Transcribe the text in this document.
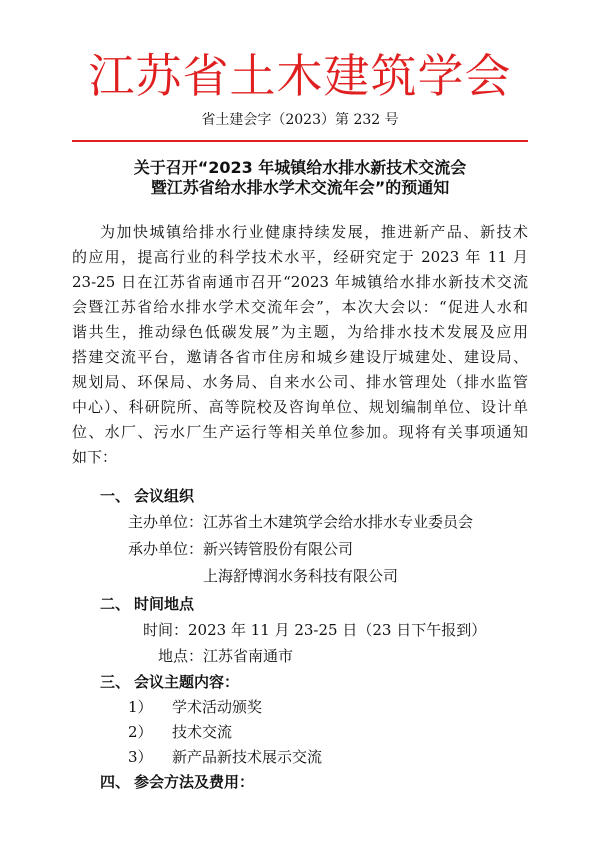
江苏省土木建筑学会
省土建会字（2023）第 232 号
关于召开“2023 年城镇给水排水新技术交流会
暨江苏省给水排水学术交流年会”的预通知
为加快城镇给排水行业健康持续发展，推进新产品、新技术
的应用，提高行业的科学技术水平，经研究定于 2023 年 11 月
23-25 日在江苏省南通市召开“2023 年城镇给水排水新技术交流
会暨江苏省给水排水学术交流年会”，本次大会以：“促进人水和
谐共生，推动绿色低碳发展”为主题，为给排水技术发展及应用
搭建交流平台，邀请各省市住房和城乡建设厅城建处、建设局、
规划局、环保局、水务局、自来水公司、排水管理处（排水监管
中心）、科研院所、高等院校及咨询单位、规划编制单位、设计单
位、水厂、污水厂生产运行等相关单位参加。现将有关事项通知
如下：
一、 会议组织
主办单位：江苏省土木建筑学会给水排水专业委员会
承办单位：新兴铸管股份有限公司
上海舒博润水务科技有限公司
二、 时间地点
时间：2023 年 11 月 23-25 日（23 日下午报到）
地点：江苏省南通市
三、 会议主题内容：
1） 学术活动颁奖
2） 技术交流
3） 新产品新技术展示交流
四、 参会方法及费用：
